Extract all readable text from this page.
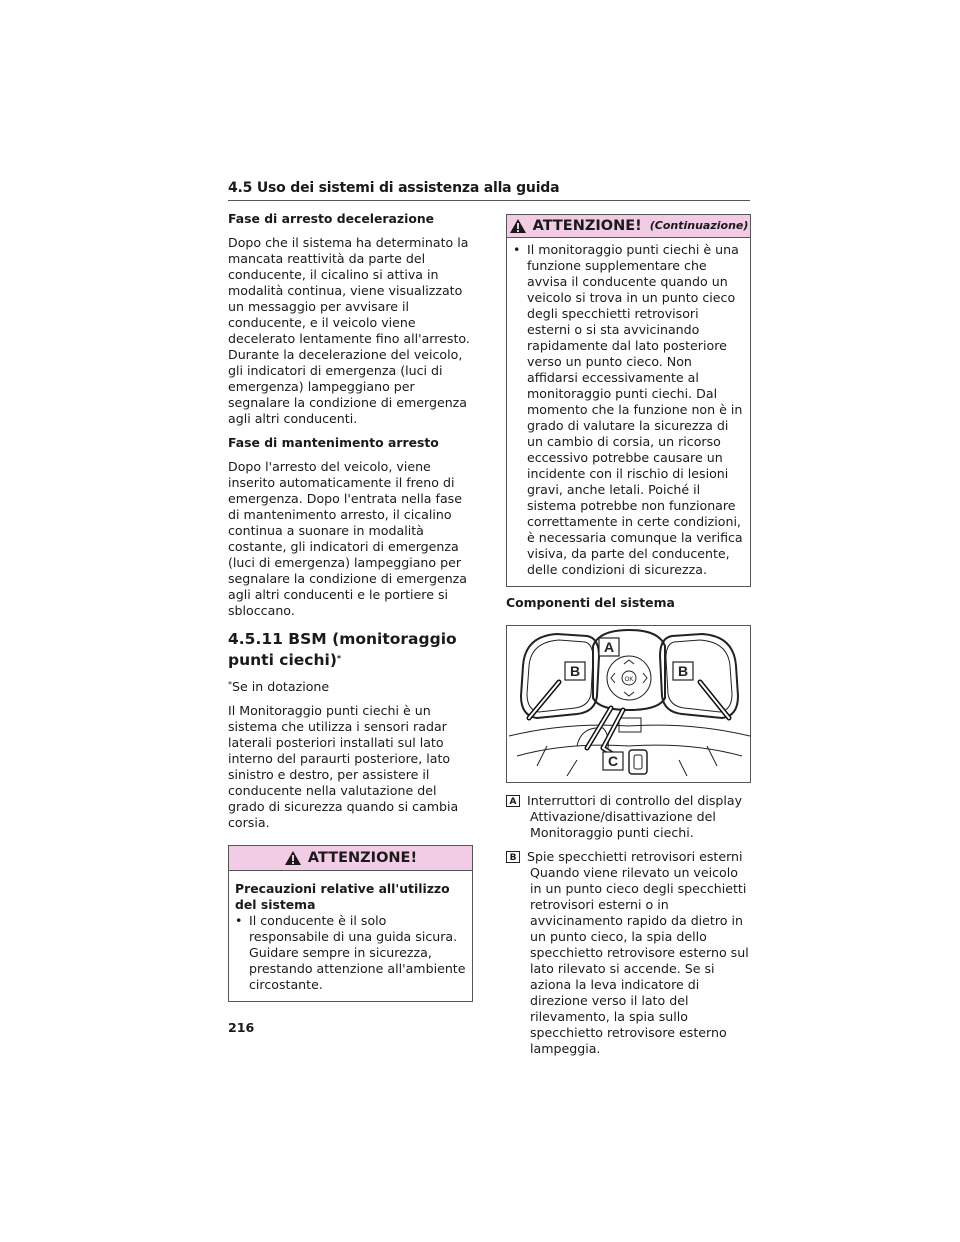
4.5 Uso dei sistemi di assistenza alla guida
Fase di arresto decelerazione
Dopo che il sistema ha determinato la mancata reattività da parte del conducente, il cicalino si attiva in modalità continua, viene visualizzato un messaggio per avvisare il conducente, e il veicolo viene decelerato lentamente fino all'arresto. Durante la decelerazione del veicolo, gli indicatori di emergenza (luci di emergenza) lampeggiano per segnalare la condizione di emergenza agli altri conducenti.
Fase di mantenimento arresto
Dopo l'arresto del veicolo, viene inserito automaticamente il freno di emergenza. Dopo l'entrata nella fase di mantenimento arresto, il cicalino continua a suonare in modalità costante, gli indicatori di emergenza (luci di emergenza) lampeggiano per segnalare la condizione di emergenza agli altri conducenti e le portiere si sbloccano.
4.5.11 BSM (monitoraggio punti ciechi)*
*Se in dotazione
Il Monitoraggio punti ciechi è un sistema che utilizza i sensori radar laterali posteriori installati sul lato interno del paraurti posteriore, lato sinistro e destro, per assistere il conducente nella valutazione del grado di sicurezza quando si cambia corsia.
ATTENZIONE!
Precauzioni relative all'utilizzo del sistema
• Il conducente è il solo responsabile di una guida sicura. Guidare sempre in sicurezza, prestando attenzione all'ambiente circostante.
ATTENZIONE! (Continuazione)
• Il monitoraggio punti ciechi è una funzione supplementare che avvisa il conducente quando un veicolo si trova in un punto cieco degli specchietti retrovisori esterni o si sta avvicinando rapidamente dal lato posteriore verso un punto cieco. Non affidarsi eccessivamente al monitoraggio punti ciechi. Dal momento che la funzione non è in grado di valutare la sicurezza di un cambio di corsia, un ricorso eccessivo potrebbe causare un incidente con il rischio di lesioni gravi, anche letali. Poiché il sistema potrebbe non funzionare correttamente in certe condizioni, è necessaria comunque la verifica visiva, da parte del conducente, delle condizioni di sicurezza.
Componenti del sistema
B	B
A
C
OK
A Interruttori di controllo del display
Attivazione/disattivazione del Monitoraggio punti ciechi.
B Spie specchietti retrovisori esterni
Quando viene rilevato un veicolo in un punto cieco degli specchietti retrovisori esterni o in avvicinamento rapido da dietro in un punto cieco, la spia dello specchietto retrovisore esterno sul lato rilevato si accende. Se si aziona la leva indicatore di direzione verso il lato del rilevamento, la spia sullo specchietto retrovisore esterno lampeggia.
216
